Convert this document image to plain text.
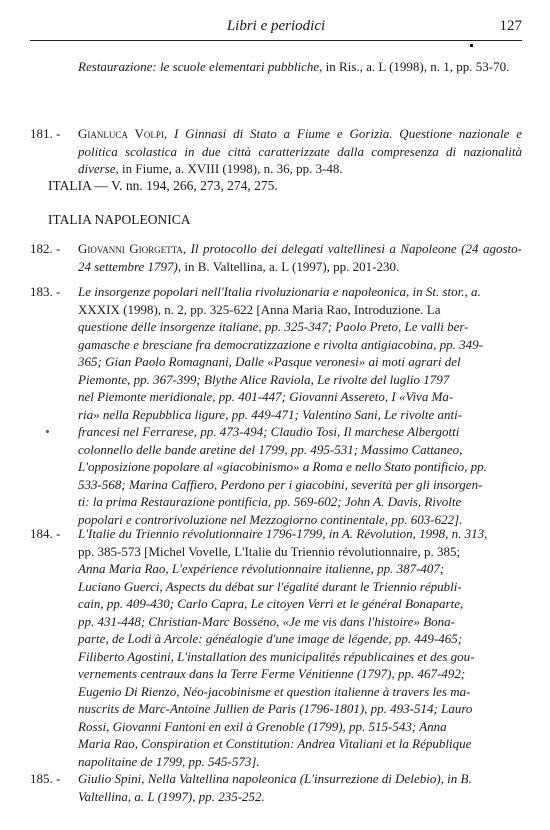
Libri e periodici	127
Restaurazione: le scuole elementari pubbliche, in Ris., a. L (1998), n. 1, pp. 53-70.
181. -	Gianluca Volpi, I Ginnasi di Stato a Fiume e Gorizia. Questione nazionale e politica scolastica in due città caratterizzate dalla compresenza di nazionalità diverse, in Fiume, a. XVIII (1998), n. 36, pp. 3-48.
ITALIA — V. nn. 194, 266, 273, 274, 275.
ITALIA NAPOLEONICA
182. -	Giovanni Giorgetta, Il protocollo dei delegati valtellinesi a Napoleone (24 agosto-24 settembre 1797), in B. Valtellina, a. L (1997), pp. 201-230.
183. -	Le insorgenze popolari nell'Italia rivoluzionaria e napoleonica, in St. stor., a.
XXXIX (1998), n. 2, pp. 325-622 [Anna Maria Rao, Introduzione. La
questione delle insorgenze italiane, pp. 325-347; Paolo Preto, Le valli ber-
gamasche e bresciane fra democratizzazione e rivolta antigiacobina, pp. 349-
365; Gian Paolo Romagnani, Dalle «Pasque veronesi» ai moti agrari del
Piemonte, pp. 367-399; Blythe Alice Raviola, Le rivolte del luglio 1797
nel Piemonte meridionale, pp. 401-447; Giovanni Assereto, I «Viva Ma-
ria» nella Repubblica ligure, pp. 449-471; Valentino Sani, Le rivolte anti-
francesi nel Ferrarese, pp. 473-494; Claudio Tosi, Il marchese Albergotti
colonnello delle bande aretine del 1799, pp. 495-531; Massimo Cattaneo,
L'opposizione popolare al «giacobinismo» a Roma e nello Stato pontificio, pp.
533-568; Marina Caffiero, Perdono per i giacobini, severità per gli insorgen-
ti: la prima Restaurazione pontificia, pp. 569-602; John A. Davis, Rivolte
popolari e controrivoluzione nel Mezzogiorno continentale, pp. 603-622].
184. -	L'Italie du Triennio révolutionnaire 1796-1799, in A. Révolution, 1998, n. 313,
pp. 385-573 [Michel Vovelle, L'Italie du Triennio révolutionnaire, p. 385;
Anna Maria Rao, L'expérience révolutionnaire italienne, pp. 387-407;
Luciano Guerci, Aspects du débat sur l'égalité durant le Triennio républi-
cain, pp. 409-430; Carlo Capra, Le citoyen Verri et le général Bonaparte,
pp. 431-448; Christian-Marc Bosséno, «Je me vis dans l'histoire» Bona-
parte, de Lodi à Arcole: généalogie d'une image de légende, pp. 449-465;
Filiberto Agostini, L'installation des municipalités républicaines et des gou-
vernements centraux dans la Terre Ferme Vénitienne (1797), pp. 467-492;
Eugenio Di Rienzo, Néo-jacobinisme et question italienne à travers les ma-
nuscrits de Marc-Antoine Jullien de Paris (1796-1801), pp. 493-514; Lauro
Rossi, Giovanni Fantoni en exil à Grenoble (1799), pp. 515-543; Anna
Maria Rao, Conspiration et Constitution: Andrea Vitaliani et la République
napolitaine de 1799, pp. 545-573].
185. -	Giulio Spini, Nella Valtellina napoleonica (L'insurrezione di Delebio), in B.
Valtellina, a. L (1997), pp. 235-252.
